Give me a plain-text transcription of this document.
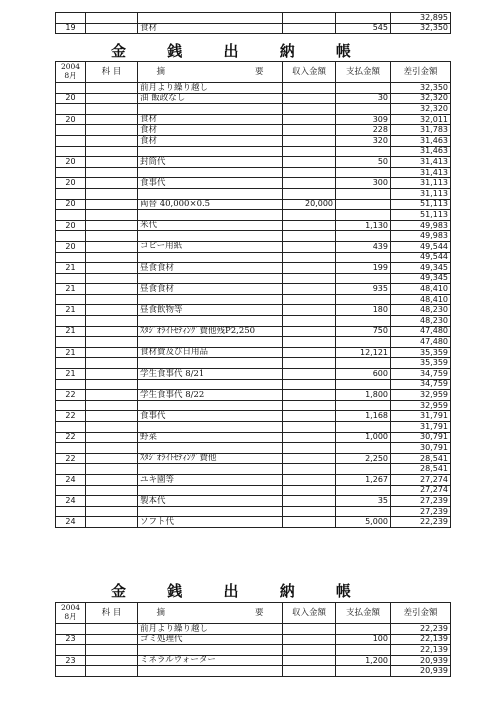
					32,895
19		食材		545	32,350
金 銭 出 納 帳
2004
8月	科 目	摘 要	収入金額	支払金額	差引金額
		前月より繰り越し			32,350
20		油 飯政なし		30	32,320
					32,320
20		食材		309	32,011
		食材		228	31,783
		食材		320	31,463
					31,463
20		封筒代		50	31,413
					31,413
20		食事代		300	31,113
					31,113
20		両替 40,000×0.5	20,000		51,113
					51,113
20		米代		1,130	49,983
					49,983
20		コピー用紙		439	49,544
					49,544
21		昼食食材		199	49,345
					49,345
21		昼食食材		935	48,410
					48,410
21		昼食飲物等		180	48,230
					48,230
21		ｽﾀｼﾞｵﾗｲﾄｾﾃｨﾝｸﾞ費他残P2,250		750	47,480
					47,480
21		食材費及び日用品		12,121	35,359
					35,359
21		学生食事代 8/21		600	34,759
					34,759
22		学生食事代 8/22		1,800	32,959
					32,959
22		食事代		1,168	31,791
					31,791
22		野菜		1,000	30,791
					30,791
22		ｽﾀｼﾞｵﾗｲﾄｾﾃｨﾝｸﾞ費他		2,250	28,541
					28,541
24		ユキ園等		1,267	27,274
					27,274
24		製本代		35	27,239
					27,239
24		ソフト代		5,000	22,239
金 銭 出 納 帳
2004
8月	科 目	摘 要	収入金額	支払金額	差引金額
		前月より繰り越し			22,239
23		ゴミ処理代		100	22,139
					22,139
23		ミネラルウォーター		1,200	20,939
					20,939
